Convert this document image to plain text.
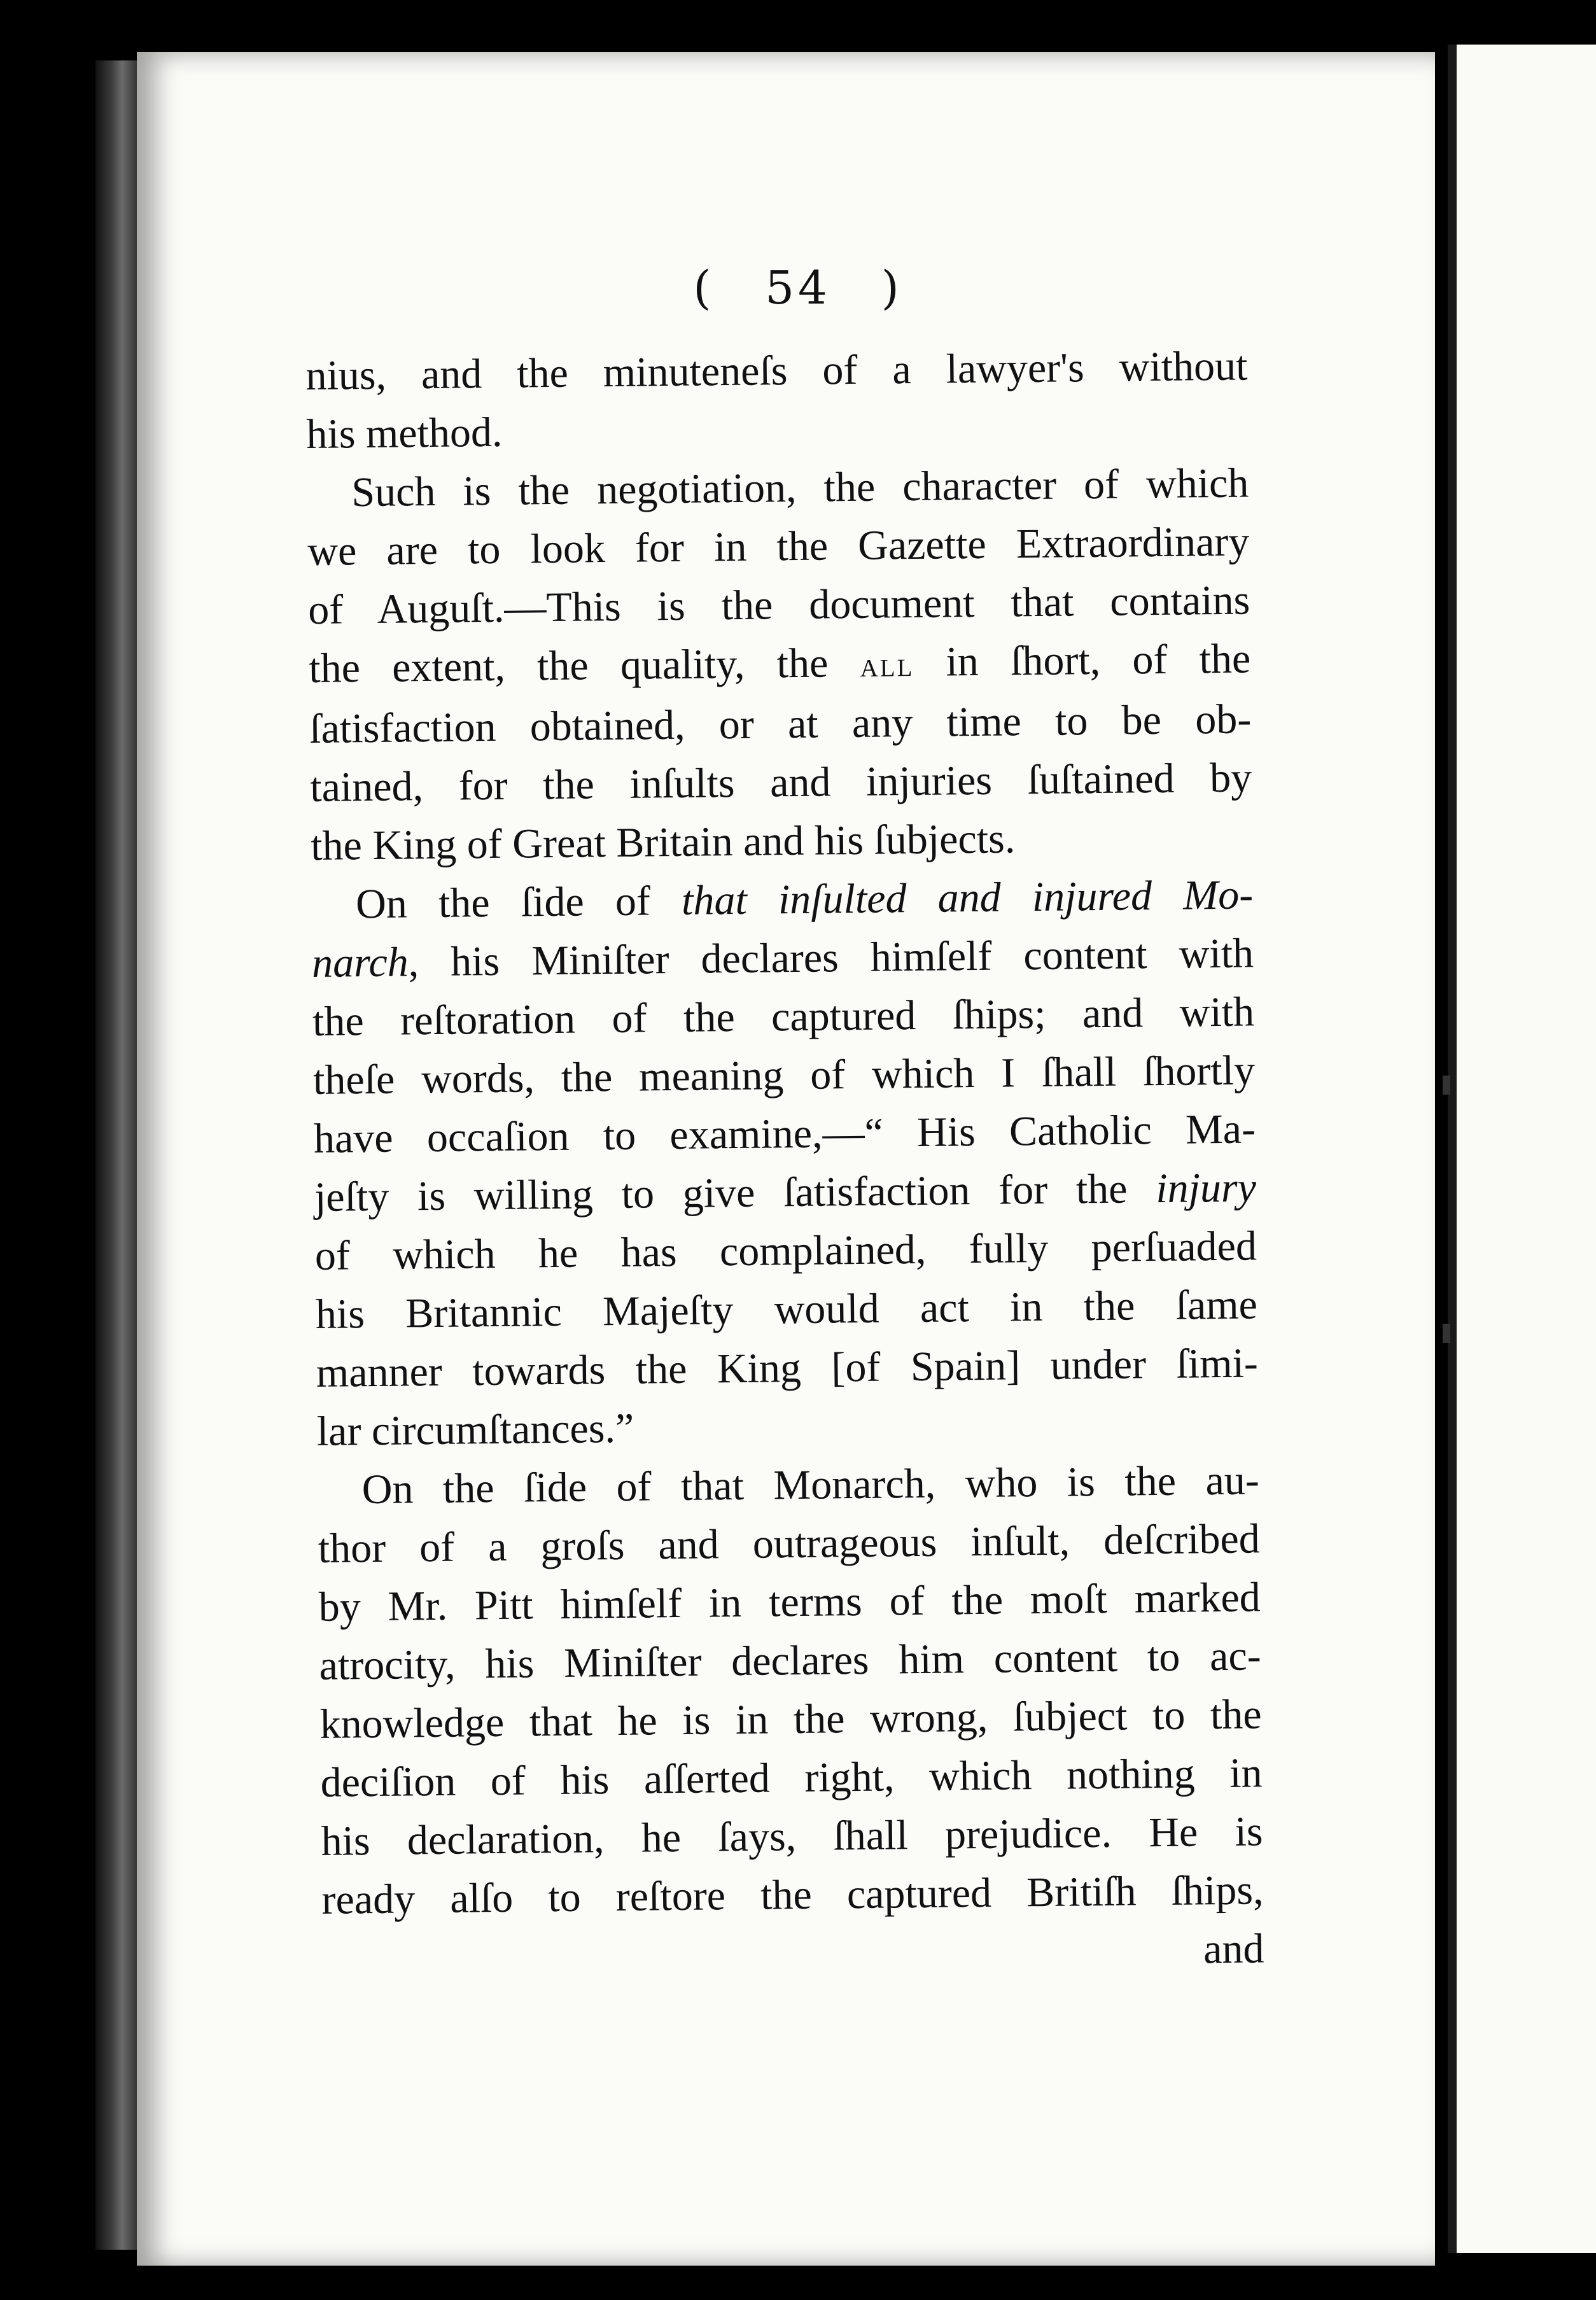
( 54 )
nius, and the minuteneſs of a lawyer's without
his method.
Such is the negotiation, the character of which
we are to look for in the Gazette Extraordinary
of Auguſt.—This is the document that contains
the extent, the quality, the all in ſhort, of the
ſatisfaction obtained, or at any time to be ob-
tained, for the inſults and injuries ſuſtained by
the King of Great Britain and his ſubjects.
On the ſide of that inſulted and injured Mo-
narch, his Miniſter declares himſelf content with
the reſtoration of the captured ſhips; and with
theſe words, the meaning of which I ſhall ſhortly
have occaſion to examine,—“ His Catholic Ma-
jeſty is willing to give ſatisfaction for the injury
of which he has complained, fully perſuaded
his Britannic Majeſty would act in the ſame
manner towards the King [of Spain] under ſimi-
lar circumſtances.”
On the ſide of that Monarch, who is the au-
thor of a groſs and outrageous inſult, deſcribed
by Mr. Pitt himſelf in terms of the moſt marked
atrocity, his Miniſter declares him content to ac-
knowledge that he is in the wrong, ſubject to the
deciſion of his aſſerted right, which nothing in
his declaration, he ſays, ſhall prejudice. He is
ready alſo to reſtore the captured Britiſh ſhips,
and
